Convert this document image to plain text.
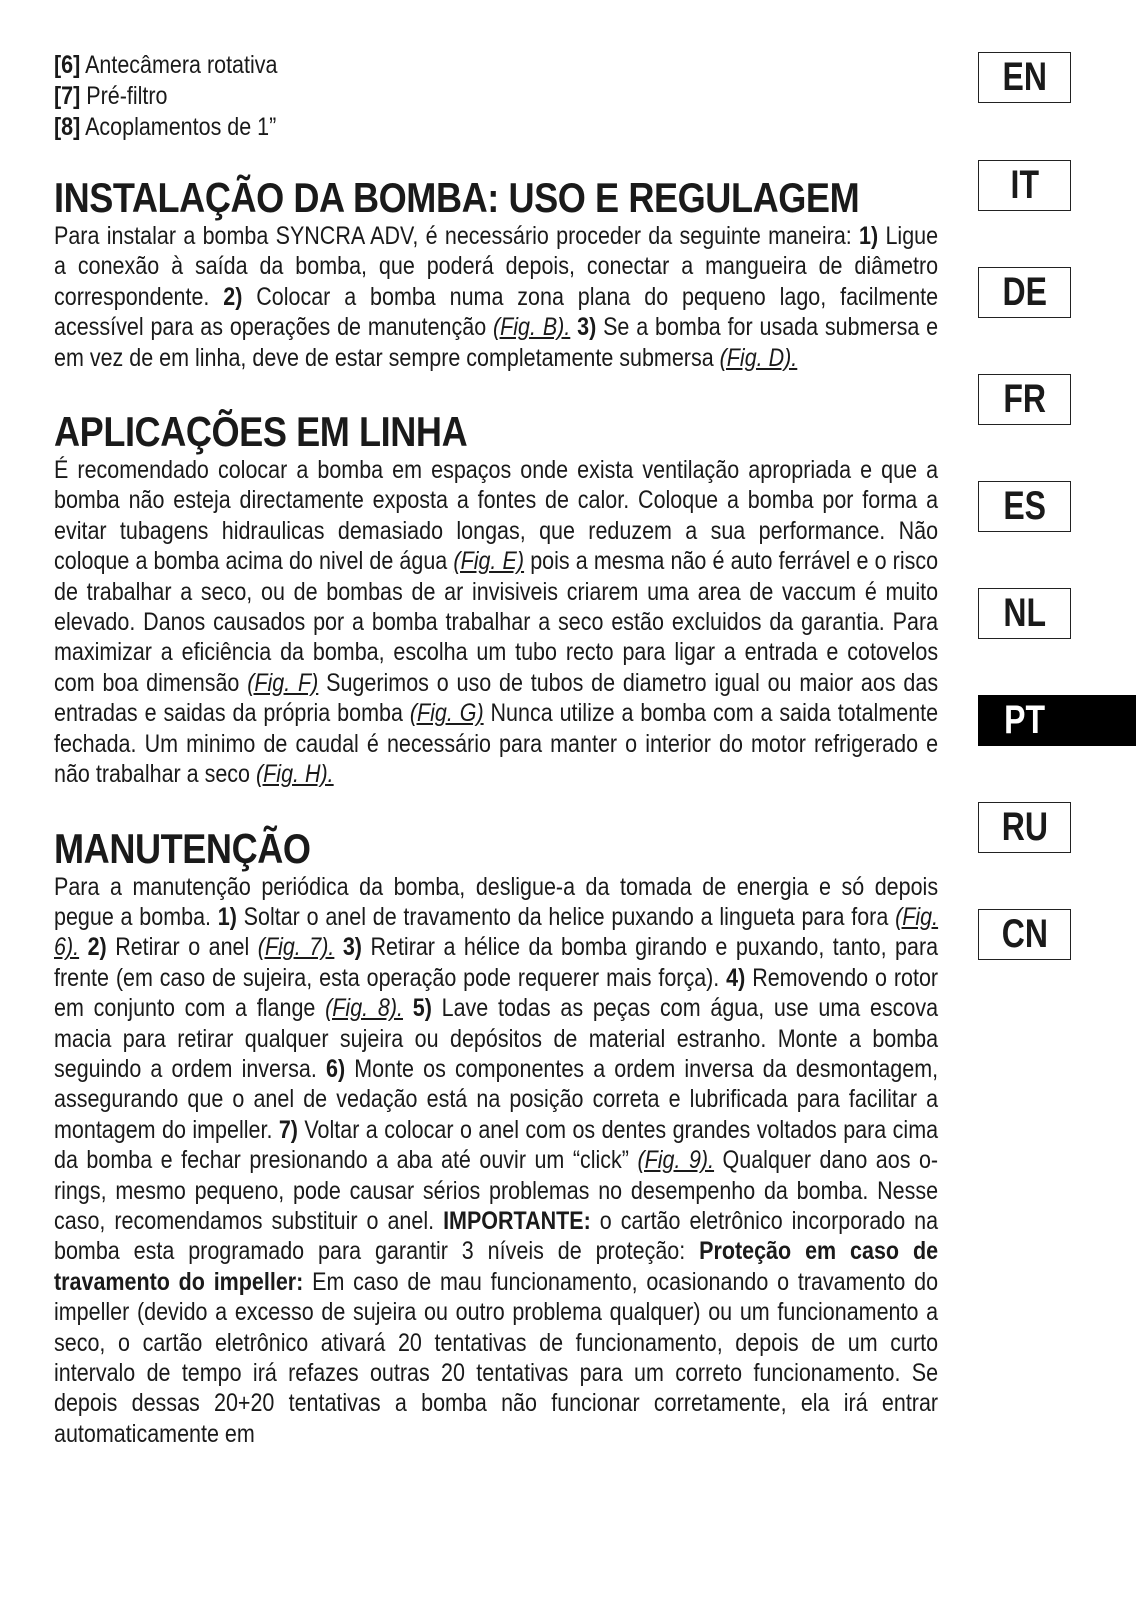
[6] Antecâmera rotativa
[7] Pré-filtro
[8] Acoplamentos de 1”
INSTALAÇÃO DA BOMBA: USO E REGULAGEM

Para instalar a bomba SYNCRA ADV, é necessário proceder da seguinte maneira: 1) Ligue a conexão à saída da bomba, que poderá depois, conectar a mangueira de diâmetro correspondente. 2) Colocar a bomba numa zona plana do pequeno lago, facilmente acessível para as operações de manutenção (Fig. B). 3) Se a bomba for usada submersa e em vez de em linha, deve de estar sempre completamente submersa (Fig. D).

APLICAÇÕES EM LINHA

É recomendado colocar a bomba em espaços onde exista ventilação apropriada e que a bomba não esteja directamente exposta a fontes de calor. Coloque a bomba por forma a evitar tubagens hidraulicas demasiado longas, que reduzem a sua performance. Não coloque a bomba acima do nivel de água (Fig. E) pois a mesma não é auto ferrável e o risco de trabalhar a seco, ou de bombas de ar invisiveis criarem uma area de vaccum é muito elevado. Danos causados por a bomba trabalhar a seco estão excluidos da garantia. Para maximizar a eficiência da bomba, escolha um tubo recto para ligar a entrada e cotovelos com boa dimensão (Fig. F) Sugerimos o uso de tubos de diametro igual ou maior aos das entradas e saidas da própria bomba (Fig. G) Nunca utilize a bomba com a saida totalmente fechada. Um minimo de caudal é necessário para manter o interior do motor refrigerado e não trabalhar a seco (Fig. H).

MANUTENÇÃO

Para a manutenção periódica da bomba, desligue-a da tomada de energia e só depois pegue a bomba. 1) Soltar o anel de travamento da helice puxando a lingueta para fora (Fig. 6). 2) Retirar o anel (Fig. 7). 3) Retirar a hélice da bomba girando e puxando, tanto, para frente (em caso de sujeira, esta operação pode requerer mais força). 4) Removendo o rotor em conjunto com a flange (Fig. 8). 5) Lave todas as peças com água, use uma escova macia para retirar qualquer sujeira ou depósitos de material estranho. Monte a bomba seguindo a ordem inversa. 6) Monte os componentes a ordem inversa da desmontagem, assegurando que o anel de vedação está na posição correta e lubrificada para facilitar a montagem do impeller. 7) Voltar a colocar o anel com os dentes grandes voltados para cima da bomba e fechar presionando a aba até ouvir um “click” (Fig. 9). Qualquer dano aos o-rings, mesmo pequeno, pode causar sérios problemas no desempenho da bomba. Nesse caso, recomendamos substituir o anel. IMPORTANTE: o cartão eletrônico incorporado na bomba esta programado para garantir 3 níveis de proteção: Proteção em caso de travamento do impeller: Em caso de mau funcionamento, ocasionando o travamento do impeller (devido a excesso de sujeira ou outro problema qualquer) ou um funcionamento a seco, o cartão eletrônico ativará 20 tentativas de funcionamento, depois de um curto intervalo de tempo irá refazes outras 20 tentativas para um correto funcionamento. Se depois dessas 20+20 tentativas a bomba não funcionar corretamente, ela irá entrar automaticamente em

EN
IT
DE
FR
ES
NL
PT
RU
CN
